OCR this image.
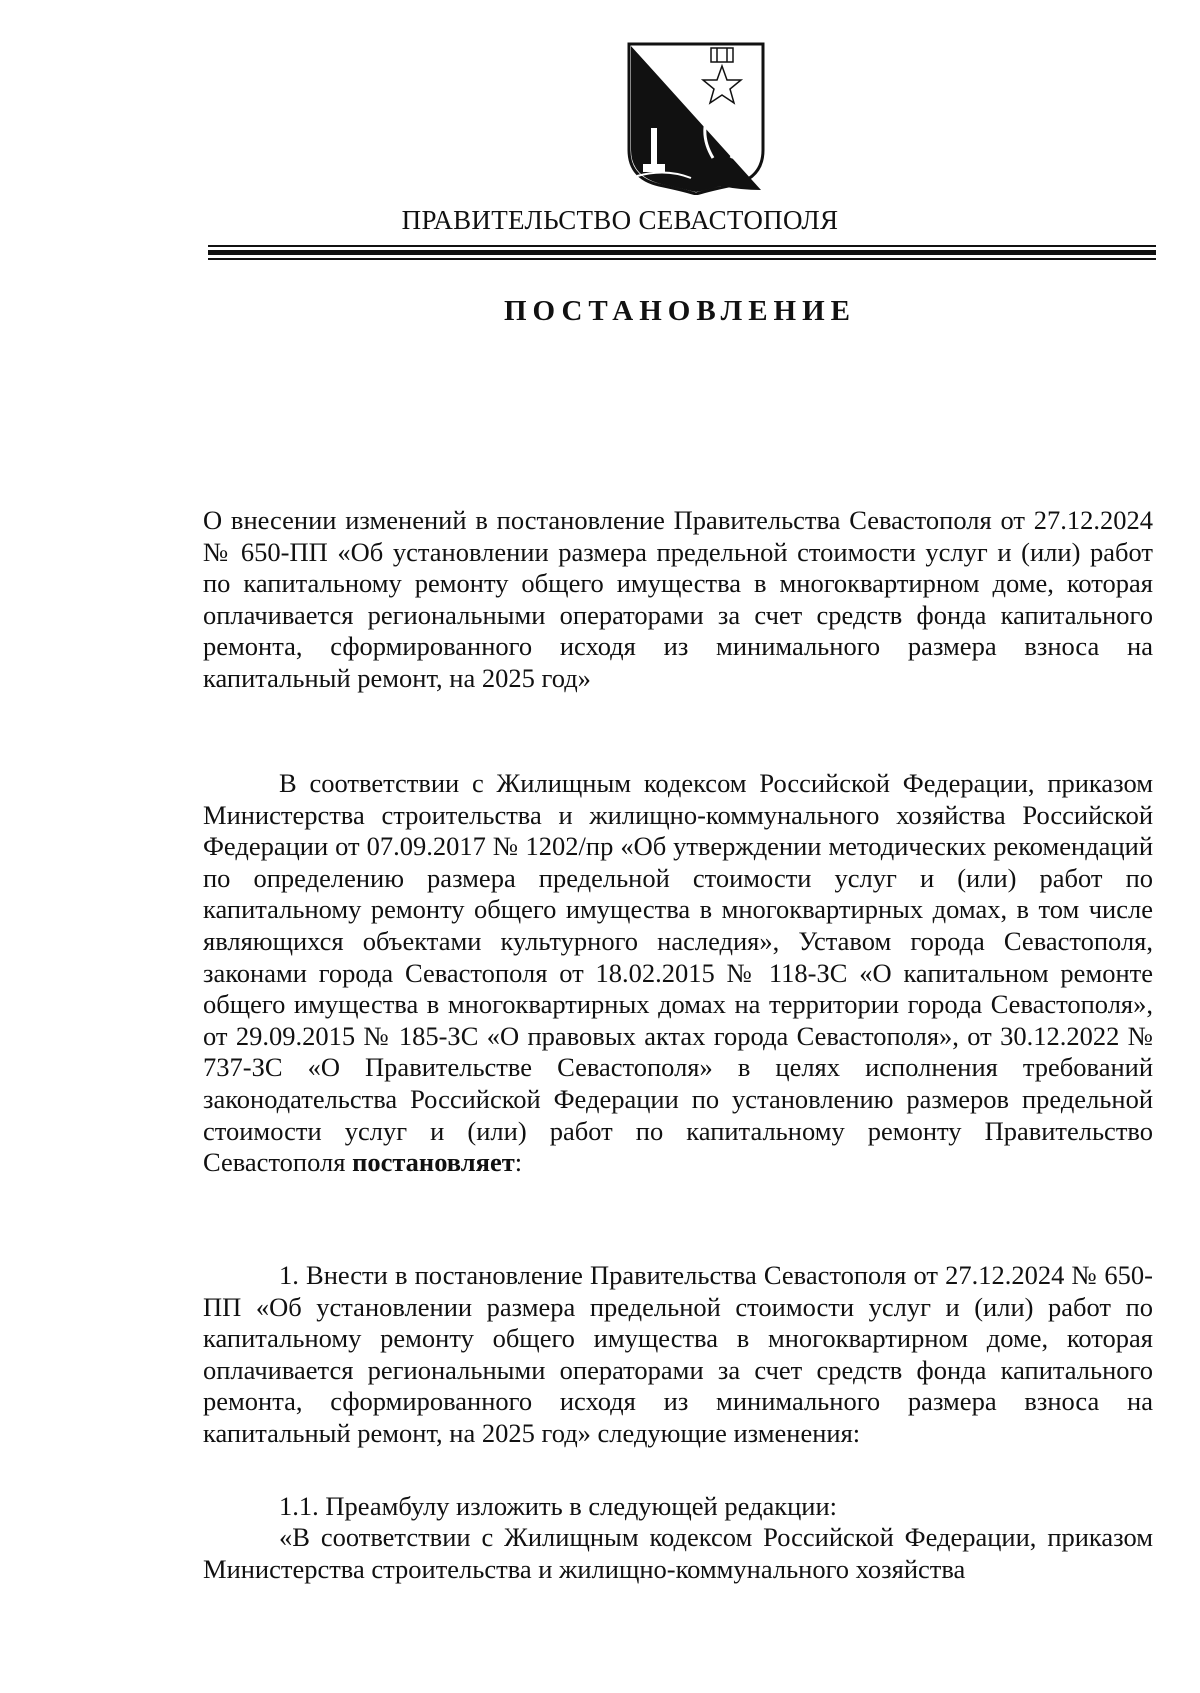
ПРАВИТЕЛЬСТВО СЕВАСТОПОЛЯ
ПОСТАНОВЛЕНИЕ
О внесении изменений в постановление Правительства Севастополя от 27.12.2024 № 650-ПП «Об установлении размера предельной стоимости услуг и (или) работ по капитальному ремонту общего имущества в многоквартирном доме, которая оплачивается региональными операторами за счет средств фонда капитального ремонта, сформированного исходя из минимального размера взноса на капитальный ремонт, на 2025 год»
В соответствии с Жилищным кодексом Российской Федерации, приказом Министерства строительства и жилищно-коммунального хозяйства Российской Федерации от 07.09.2017 № 1202/пр «Об утверждении методических рекомендаций по определению размера предельной стоимости услуг и (или) работ по капитальному ремонту общего имущества в многоквартирных домах, в том числе являющихся объектами культурного наследия», Уставом города Севастополя, законами города Севастополя от 18.02.2015 № 118-ЗС «О капитальном ремонте общего имущества в многоквартирных домах на территории города Севастополя», от 29.09.2015 № 185-ЗС «О правовых актах города Севастополя», от 30.12.2022 № 737-ЗС «О Правительстве Севастополя» в целях исполнения требований законодательства Российской Федерации по установлению размеров предельной стоимости услуг и (или) работ по капитальному ремонту Правительство Севастополя постановляет:
1. Внести в постановление Правительства Севастополя от 27.12.2024 № 650-ПП «Об установлении размера предельной стоимости услуг и (или) работ по капитальному ремонту общего имущества в многоквартирном доме, которая оплачивается региональными операторами за счет средств фонда капитального ремонта, сформированного исходя из минимального размера взноса на капитальный ремонт, на 2025 год» следующие изменения:
1.1. Преамбулу изложить в следующей редакции:
«В соответствии с Жилищным кодексом Российской Федерации, приказом Министерства строительства и жилищно-коммунального хозяйства
